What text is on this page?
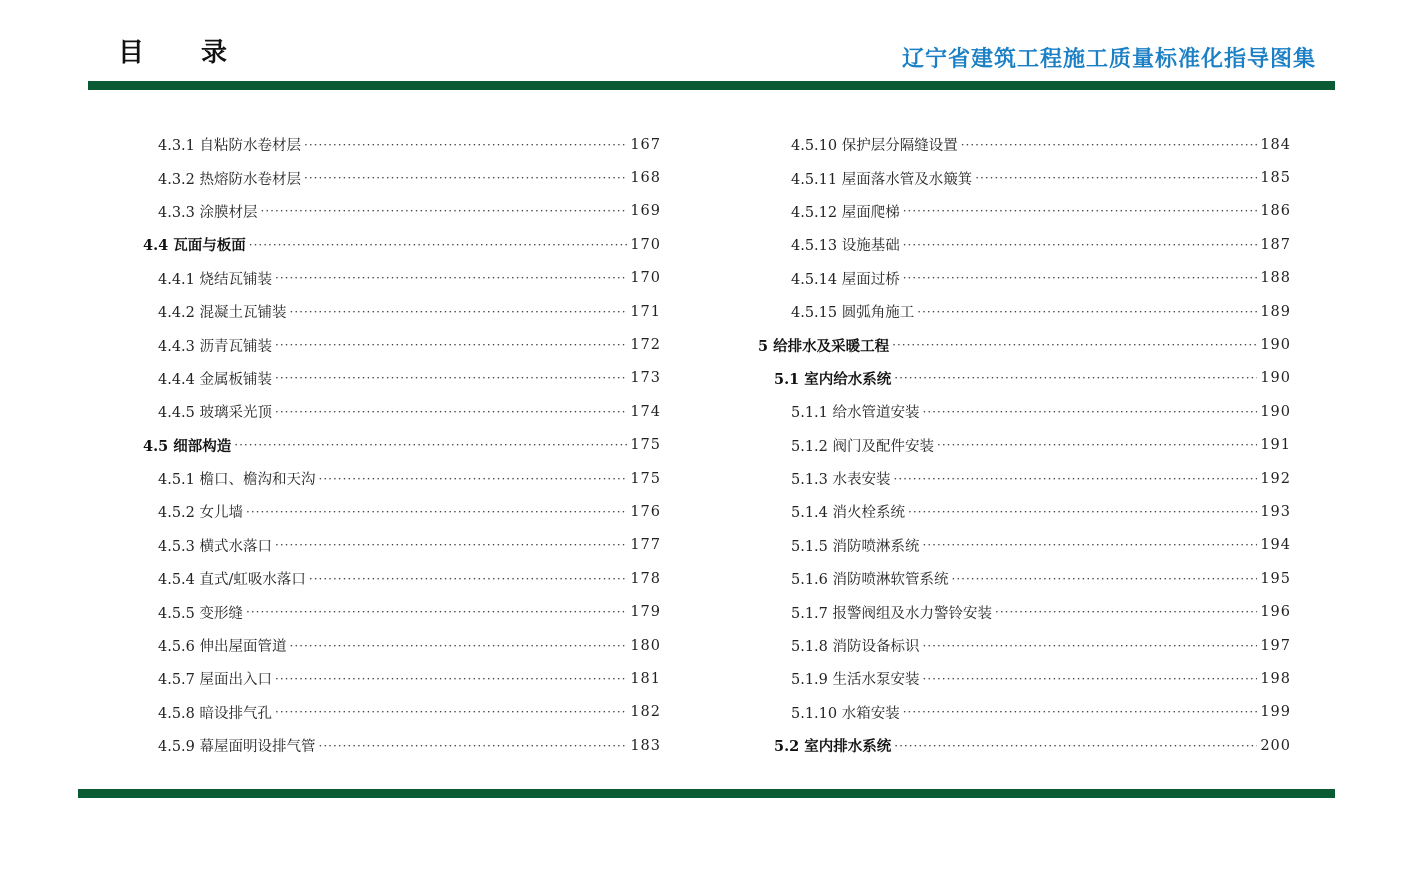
目 录	辽宁省建筑工程施工质量标准化指导图集
4.3.1 自粘防水卷材层 ·····	167
4.3.2 热熔防水卷材层 ·····	168
4.3.3 涂膜材层 ·····	169
4.4 瓦面与板面 ·····	170
4.4.1 烧结瓦铺装 ·····	170
4.4.2 混凝土瓦铺装 ·····	171
4.4.3 沥青瓦铺装 ·····	172
4.4.4 金属板铺装 ·····	173
4.4.5 玻璃采光顶 ·····	174
4.5 细部构造 ·····	175
4.5.1 檐口、檐沟和天沟 ·····	175
4.5.2 女儿墙 ·····	176
4.5.3 横式水落口 ·····	177
4.5.4 直式/虹吸水落口 ·····	178
4.5.5 变形缝 ·····	179
4.5.6 伸出屋面管道 ·····	180
4.5.7 屋面出入口 ·····	181
4.5.8 暗设排气孔 ·····	182
4.5.9 幕屋面明设排气管 ·····	183
4.5.10 保护层分隔缝设置 ·····	184
4.5.11 屋面落水管及水簸箕 ·····	185
4.5.12 屋面爬梯 ·····	186
4.5.13 设施基础 ·····	187
4.5.14 屋面过桥 ·····	188
4.5.15 圆弧角施工 ·····	189
5 给排水及采暖工程 ·····	190
5.1 室内给水系统 ·····	190
5.1.1 给水管道安装 ·····	190
5.1.2 阀门及配件安装 ·····	191
5.1.3 水表安装 ·····	192
5.1.4 消火栓系统 ·····	193
5.1.5 消防喷淋系统 ·····	194
5.1.6 消防喷淋软管系统 ·····	195
5.1.7 报警阀组及水力警铃安装 ·····	196
5.1.8 消防设备标识 ·····	197
5.1.9 生活水泵安装 ·····	198
5.1.10 水箱安装 ·····	199
5.2 室内排水系统 ·····	200
